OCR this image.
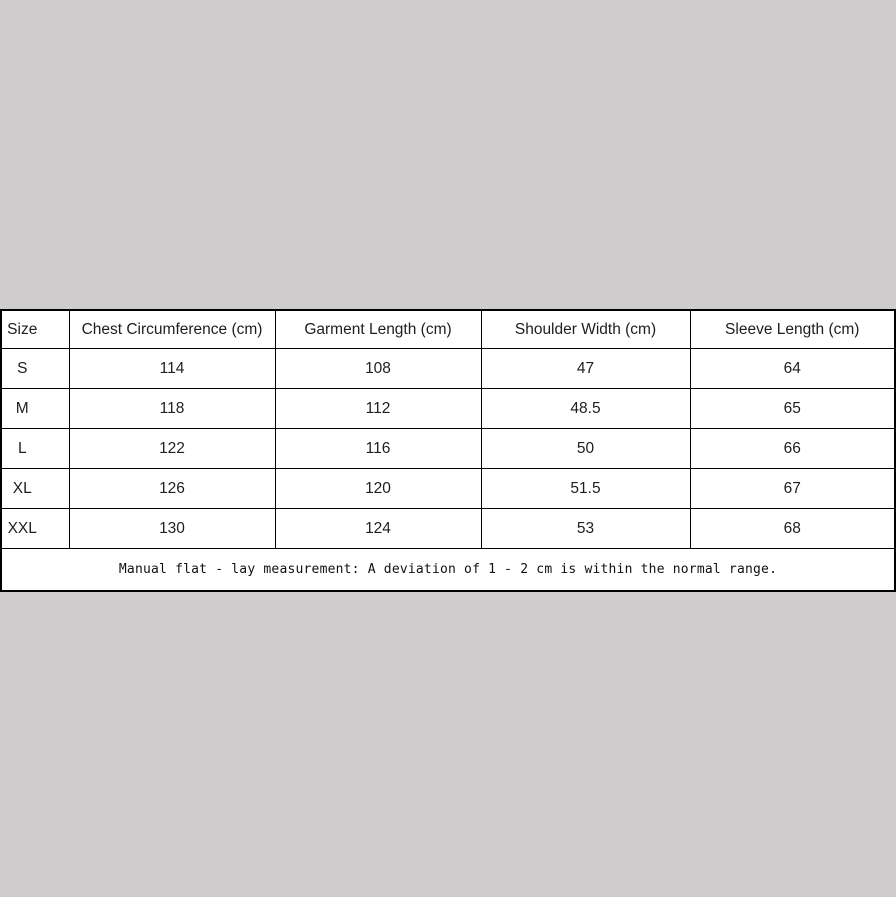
Size	Chest Circumference (cm)	Garment Length (cm)	Shoulder Width (cm)	Sleeve Length (cm)
S	114	108	47	64
M	118	112	48.5	65
L	122	116	50	66
XL	126	120	51.5	67
XXL	130	124	53	68
Manual flat - lay measurement: A deviation of 1 - 2 cm is within the normal range.				
